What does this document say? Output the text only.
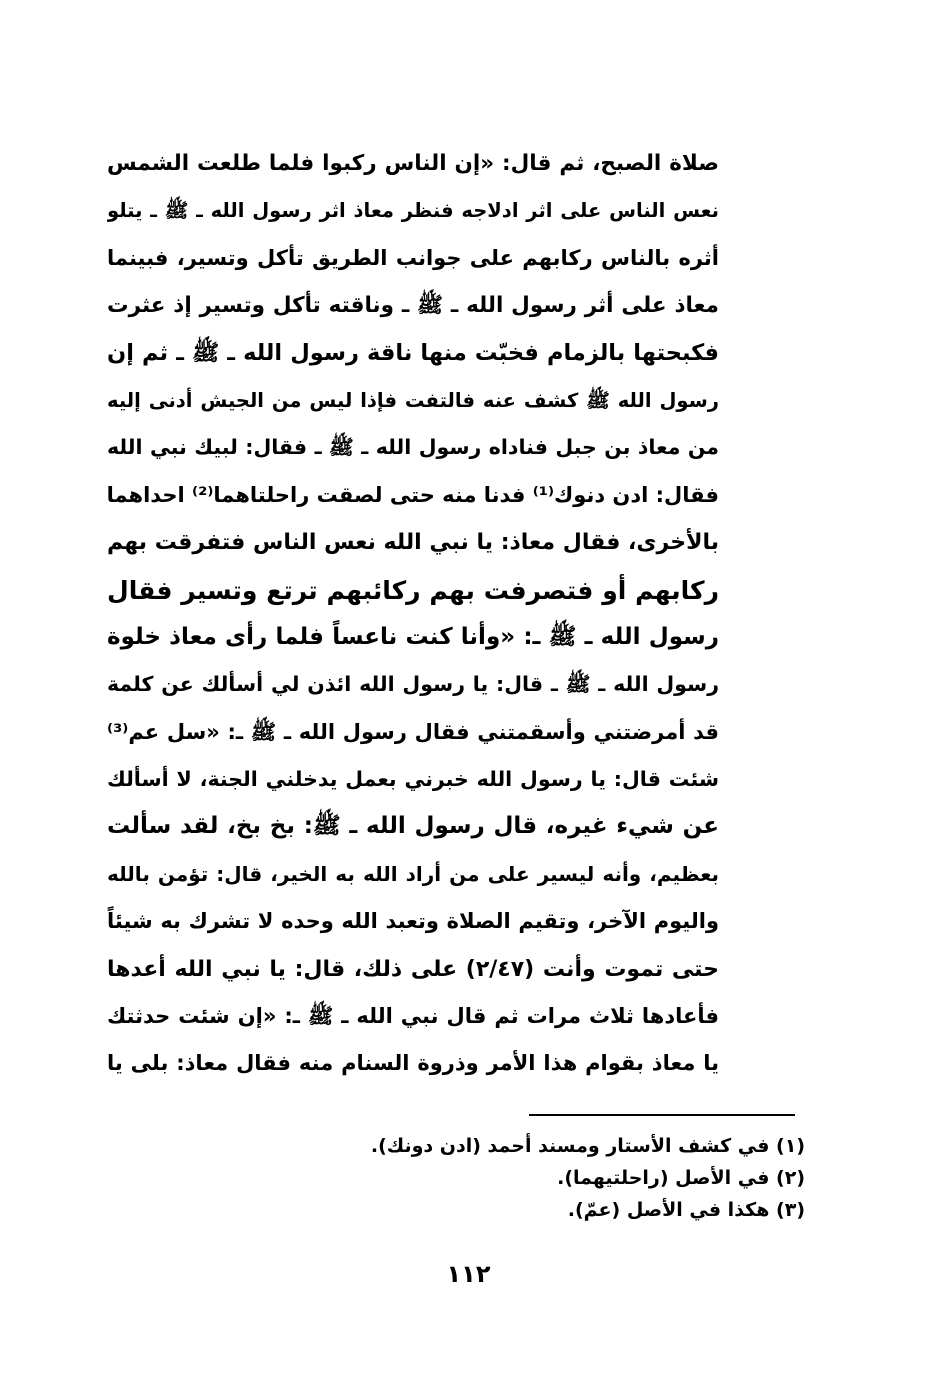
صلاة الصبح، ثم قال: «إن الناس ركبوا فلما طلعت الشمس
نعس الناس على اثر ادلاجه فنظر معاذ اثر رسول الله ـ ﷺ ـ يتلو
أثره بالناس ركابهم على جوانب الطريق تأكل وتسير، فبينما
معاذ على أثر رسول الله ـ ﷺ ـ وناقته تأكل وتسير إذ عثرت
فكبحتها بالزمام فخبّت منها ناقة رسول الله ـ ﷺ ـ ثم إن
رسول الله ﷺ كشف عنه فالتفت فإذا ليس من الجيش أدنى إليه
من معاذ بن جبل فناداه رسول الله ـ ﷺ ـ فقال: لبيك نبي الله
فقال: ادن دنوك⁽¹⁾ فدنا منه حتى لصقت راحلتاهما⁽²⁾ احداهما
بالأخرى، فقال معاذ: يا نبي الله نعس الناس فتفرقت بهم
ركابهم أو فتصرفت بهم ركائبهم ترتع وتسير فقال
رسول الله ـ ﷺ ـ: «وأنا كنت ناعساً فلما رأى معاذ خلوة
رسول الله ـ ﷺ ـ قال: يا رسول الله ائذن لي أسألك عن كلمة
قد أمرضتني وأسقمتني فقال رسول الله ـ ﷺ ـ: «سل عم⁽³⁾
شئت قال: يا رسول الله خبرني بعمل يدخلني الجنة، لا أسألك
عن شيء غيره، قال رسول الله ـ ﷺ: بخ بخ، لقد سألت
بعظيم، وأنه ليسير على من أراد الله به الخير، قال: تؤمن بالله
واليوم الآخر، وتقيم الصلاة وتعبد الله وحده لا تشرك به شيئاً
حتى تموت وأنت (٢/٤٧) على ذلك، قال: يا نبي الله أعدها
فأعادها ثلاث مرات ثم قال نبي الله ـ ﷺ ـ: «إن شئت حدثتك
يا معاذ بقوام هذا الأمر وذروة السنام منه فقال معاذ: بلى يا
(١) في كشف الأستار ومسند أحمد (ادن دونك).
(٢) في الأصل (راحلتيهما).
(٣) هكذا في الأصل (عمّ).
١١٢
